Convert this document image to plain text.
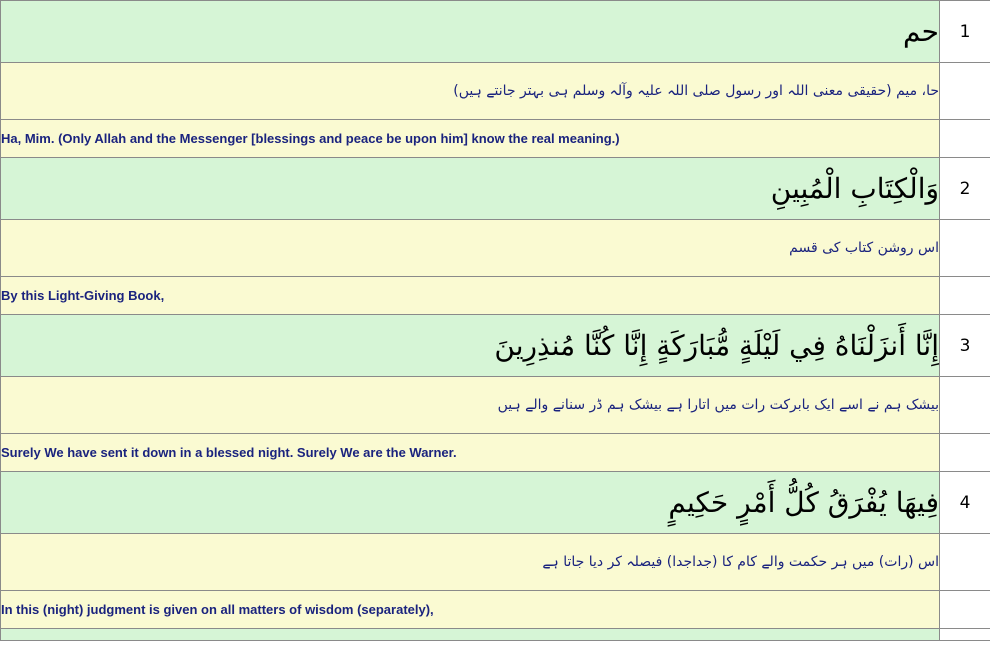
حم	1
حا، میم (حقیقی معنی اللہ اور رسول صلی اللہ علیہ وآلہ وسلم ہی بہتر جانتے ہیں)	
Ha, Mim. (Only Allah and the Messenger [blessings and peace be upon him] know the real meaning.)	
وَالْكِتَابِ الْمُبِينِ	2
اس روشن کتاب کی قسم	
By this Light-Giving Book,	
إِنَّا أَنزَلْنَاهُ فِي لَيْلَةٍ مُّبَارَكَةٍ إِنَّا كُنَّا مُنذِرِينَ	3
بیشک ہم نے اسے ایک بابرکت رات میں اتارا ہے بیشک ہم ڈر سنانے والے ہیں	
Surely We have sent it down in a blessed night. Surely We are the Warner.	
فِيهَا يُفْرَقُ كُلُّ أَمْرٍ حَكِيمٍ	4
اس (رات) میں ہر حکمت والے کام کا (جداجدا) فیصلہ کر دیا جاتا ہے	
In this (night) judgment is given on all matters of wisdom (separately),	
